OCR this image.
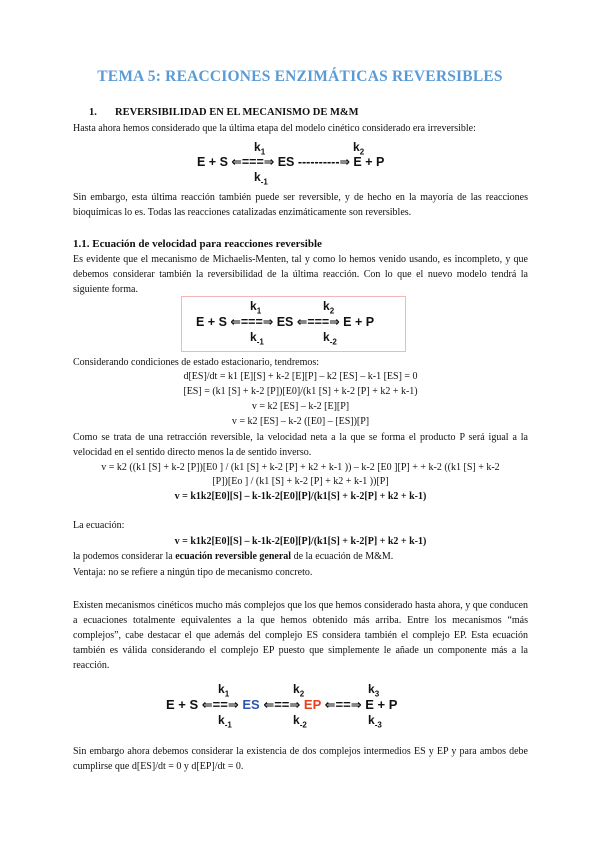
TEMA 5: REACCIONES ENZIMÁTICAS REVERSIBLES
1. REVERSIBILIDAD EN EL MECANISMO DE M&M
Hasta ahora hemos considerado que la última etapa del modelo cinético considerado era irreversible:
$k_1$	$k_2$
E + S ⇐===⇒ ES ----------⇒ E + P
$k_{-1}$
Sin embargo, esta última reacción también puede ser reversible, y de hecho en la mayoría de las reacciones bioquímicas lo es. Todas las reacciones catalizadas enzimáticamente son reversibles.
1.1. Ecuación de velocidad para reacciones reversible
Es evidente que el mecanismo de Michaelis-Menten, tal y como lo hemos venido usando, es incompleto, y que debemos considerar también la reversibilidad de la última reacción. Con lo que el nuevo modelo tendrá la siguiente forma.
$k_1$	$k_2$
E + S ⇐===⇒ ES ⇐===⇒ E + P
$k_{-1}$	$k_{-2}$
Considerando condiciones de estado estacionario, tendremos:
d[ES]/dt = k1 [E][S] + k-2 [E][P] – k2 [ES] – k-1 [ES] = 0
[ES] = (k1 [S] + k-2 [P])[E0]/(k1 [S] + k-2 [P] + k2 + k-1)
v = k2 [ES] – k-2 [E][P]
v = k2 [ES] – k-2 ([E0] – [ES])[P]
Como se trata de una retracción reversible, la velocidad neta a la que se forma el producto P será igual a la velocidad en el sentido directo menos la de sentido inverso.
v = k2 ((k1 [S] + k-2 [P])[E0 ] / (k1 [S] + k-2 [P] + k2 + k-1 )) – k-2 [E0 ][P] + + k-2 ((k1 [S] + k-2
[P])[Eo ] / (k1 [S] + k-2 [P] + k2 + k-1 ))[P]
v = k1k2[E0][S] – k-1k-2[E0][P]/(k1[S] + k-2[P] + k2 + k-1)
La ecuación:
v = k1k2[E0][S] – k-1k-2[E0][P]/(k1[S] + k-2[P] + k2 + k-1)
la podemos considerar la ecuación reversible general de la ecuación de M&M.
Ventaja: no se refiere a ningún tipo de mecanismo concreto.
Existen mecanismos cinéticos mucho más complejos que los que hemos considerado hasta ahora, y que conducen a ecuaciones totalmente equivalentes a la que hemos obtenido más arriba. Entre los mecanismos “más complejos”, cabe destacar el que además del complejo ES considera también el complejo EP. Esta ecuación también es válida considerando el complejo EP puesto que simplemente le añade un componente más a la reacción.
$k_1$	$k_2$	$k_3$
E + S ⇐==⇒ ES ⇐==⇒ EP ⇐==⇒ E + P
$k_{-1}$	$k_{-2}$	$k_{-3}$
Sin embargo ahora debemos considerar la existencia de dos complejos intermedios ES y EP y para ambos debe cumplirse que d[ES]/dt = 0 y d[EP]/dt = 0.
